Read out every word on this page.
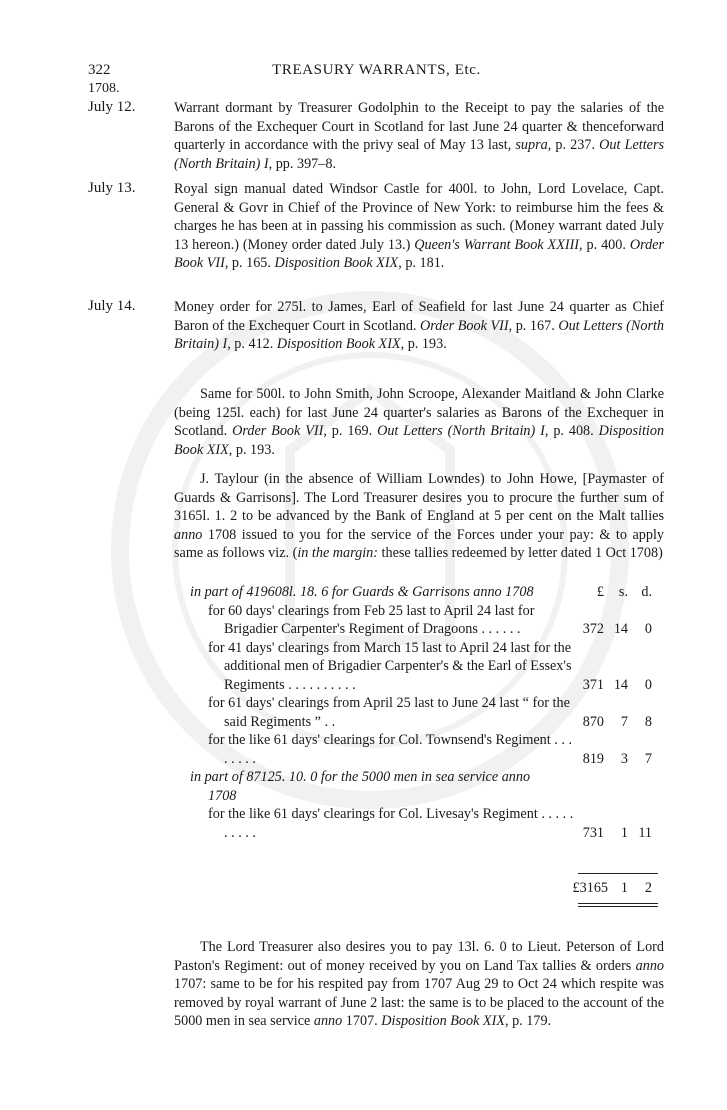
322	TREASURY WARRANTS, Etc.
1708.
July 12.	Warrant dormant by Treasurer Godolphin to the Receipt to pay the salaries of the Barons of the Exchequer Court in Scotland for last June 24 quarter & thenceforward quarterly in accordance with the privy seal of May 13 last, supra, p. 237. Out Letters (North Britain) I, pp. 397–8.
July 13.	Royal sign manual dated Windsor Castle for 400l. to John, Lord Lovelace, Capt. General & Govr in Chief of the Province of New York: to reimburse him the fees & charges he has been at in passing his commission as such. (Money warrant dated July 13 hereon.) (Money order dated July 13.) Queen's Warrant Book XXIII, p. 400. Order Book VII, p. 165. Disposition Book XIX, p. 181.
July 14.	Money order for 275l. to James, Earl of Seafield for last June 24 quarter as Chief Baron of the Exchequer Court in Scotland. Order Book VII, p. 167. Out Letters (North Britain) I, p. 412. Disposition Book XIX, p. 193.
Same for 500l. to John Smith, John Scroope, Alexander Maitland & John Clarke (being 125l. each) for last June 24 quarter's salaries as Barons of the Exchequer in Scotland. Order Book VII, p. 169. Out Letters (North Britain) I, p. 408. Disposition Book XIX, p. 193.
J. Taylour (in the absence of William Lowndes) to John Howe, [Paymaster of Guards & Garrisons]. The Lord Treasurer desires you to procure the further sum of 3165l. 1. 2 to be advanced by the Bank of England at 5 per cent on the Malt tallies anno 1708 issued to you for the service of the Forces under your pay: & to apply same as follows viz. (in the margin: these tallies redeemed by letter dated 1 Oct 1708)
£ s. d.
in part of 419608l. 18. 6 for Guards & Garrisons anno 1708
for 60 days' clearings from Feb 25 last to April 24 last for Brigadier Carpenter's Regiment of Dragoons . . . . . .	372 14 0
for 41 days' clearings from March 15 last to April 24 last for the additional men of Brigadier Carpenter's & the Earl of Essex's Regiments . . . . . . . . . .	371 14 0
for 61 days' clearings from April 25 last to June 24 last “ for the said Regiments ” . .	870 7 8
for the like 61 days' clearings for Col. Townsend's Regiment . . . . . . . .	819 3 7
in part of 87125. 10. 0 for the 5000 men in sea service anno 1708
for the like 61 days' clearings for Col. Livesay's Regiment . . . . . . . . . .	731 1 11
£3165 1 2
The Lord Treasurer also desires you to pay 13l. 6. 0 to Lieut. Peterson of Lord Paston's Regiment: out of money received by you on Land Tax tallies & orders anno 1707: same to be for his respited pay from 1707 Aug 29 to Oct 24 which respite was removed by royal warrant of June 2 last: the same is to be placed to the account of the 5000 men in sea service anno 1707. Disposition Book XIX, p. 179.
